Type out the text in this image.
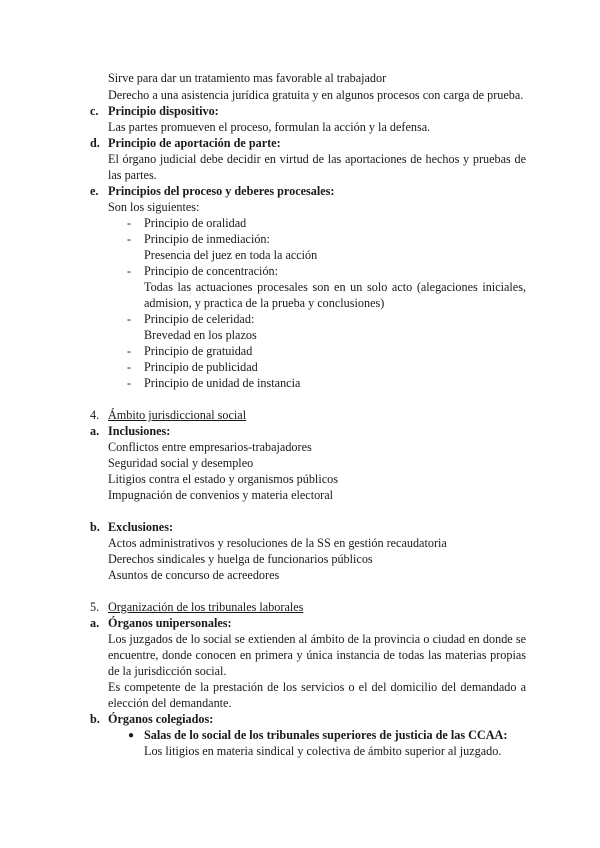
Sirve para dar un tratamiento mas favorable al trabajador
Derecho a una asistencia jurídica gratuita y en algunos procesos con carga de prueba.
c. Principio dispositivo:
Las partes promueven el proceso, formulan la acción y la defensa.
d. Principio de aportación de parte:
El órgano judicial debe decidir en virtud de las aportaciones de hechos y pruebas de
las partes.
e. Principios del proceso y deberes procesales:
Son los siguientes:
- Principio de oralidad
- Principio de inmediación:
Presencia del juez en toda la acción
- Principio de concentración:
Todas las actuaciones procesales son en un solo acto (alegaciones iniciales,
admision, y practica de la prueba y conclusiones)
- Principio de celeridad:
Brevedad en los plazos
- Principio de gratuidad
- Principio de publicidad
- Principio de unidad de instancia
4. Ámbito jurisdiccional social
a. Inclusiones:
Conflictos entre empresarios-trabajadores
Seguridad social y desempleo
Litigios contra el estado y organismos públicos
Impugnación de convenios y materia electoral
b. Exclusiones:
Actos administrativos y resoluciones de la SS en gestión recaudatoria
Derechos sindicales y huelga de funcionarios públicos
Asuntos de concurso de acreedores
5. Organización de los tribunales laborales
a. Órganos unipersonales:
Los juzgados de lo social se extienden al ámbito de la provincia o ciudad en donde se
encuentre, donde conocen en primera y única instancia de todas las materias propias
de la jurisdicción social.
Es competente de la prestación de los servicios o el del domicilio del demandado a
elección del demandante.
b. Órganos colegiados:
● Salas de lo social de los tribunales superiores de justicia de las CCAA:
Los litigios en materia sindical y colectiva de ámbito superior al juzgado.
